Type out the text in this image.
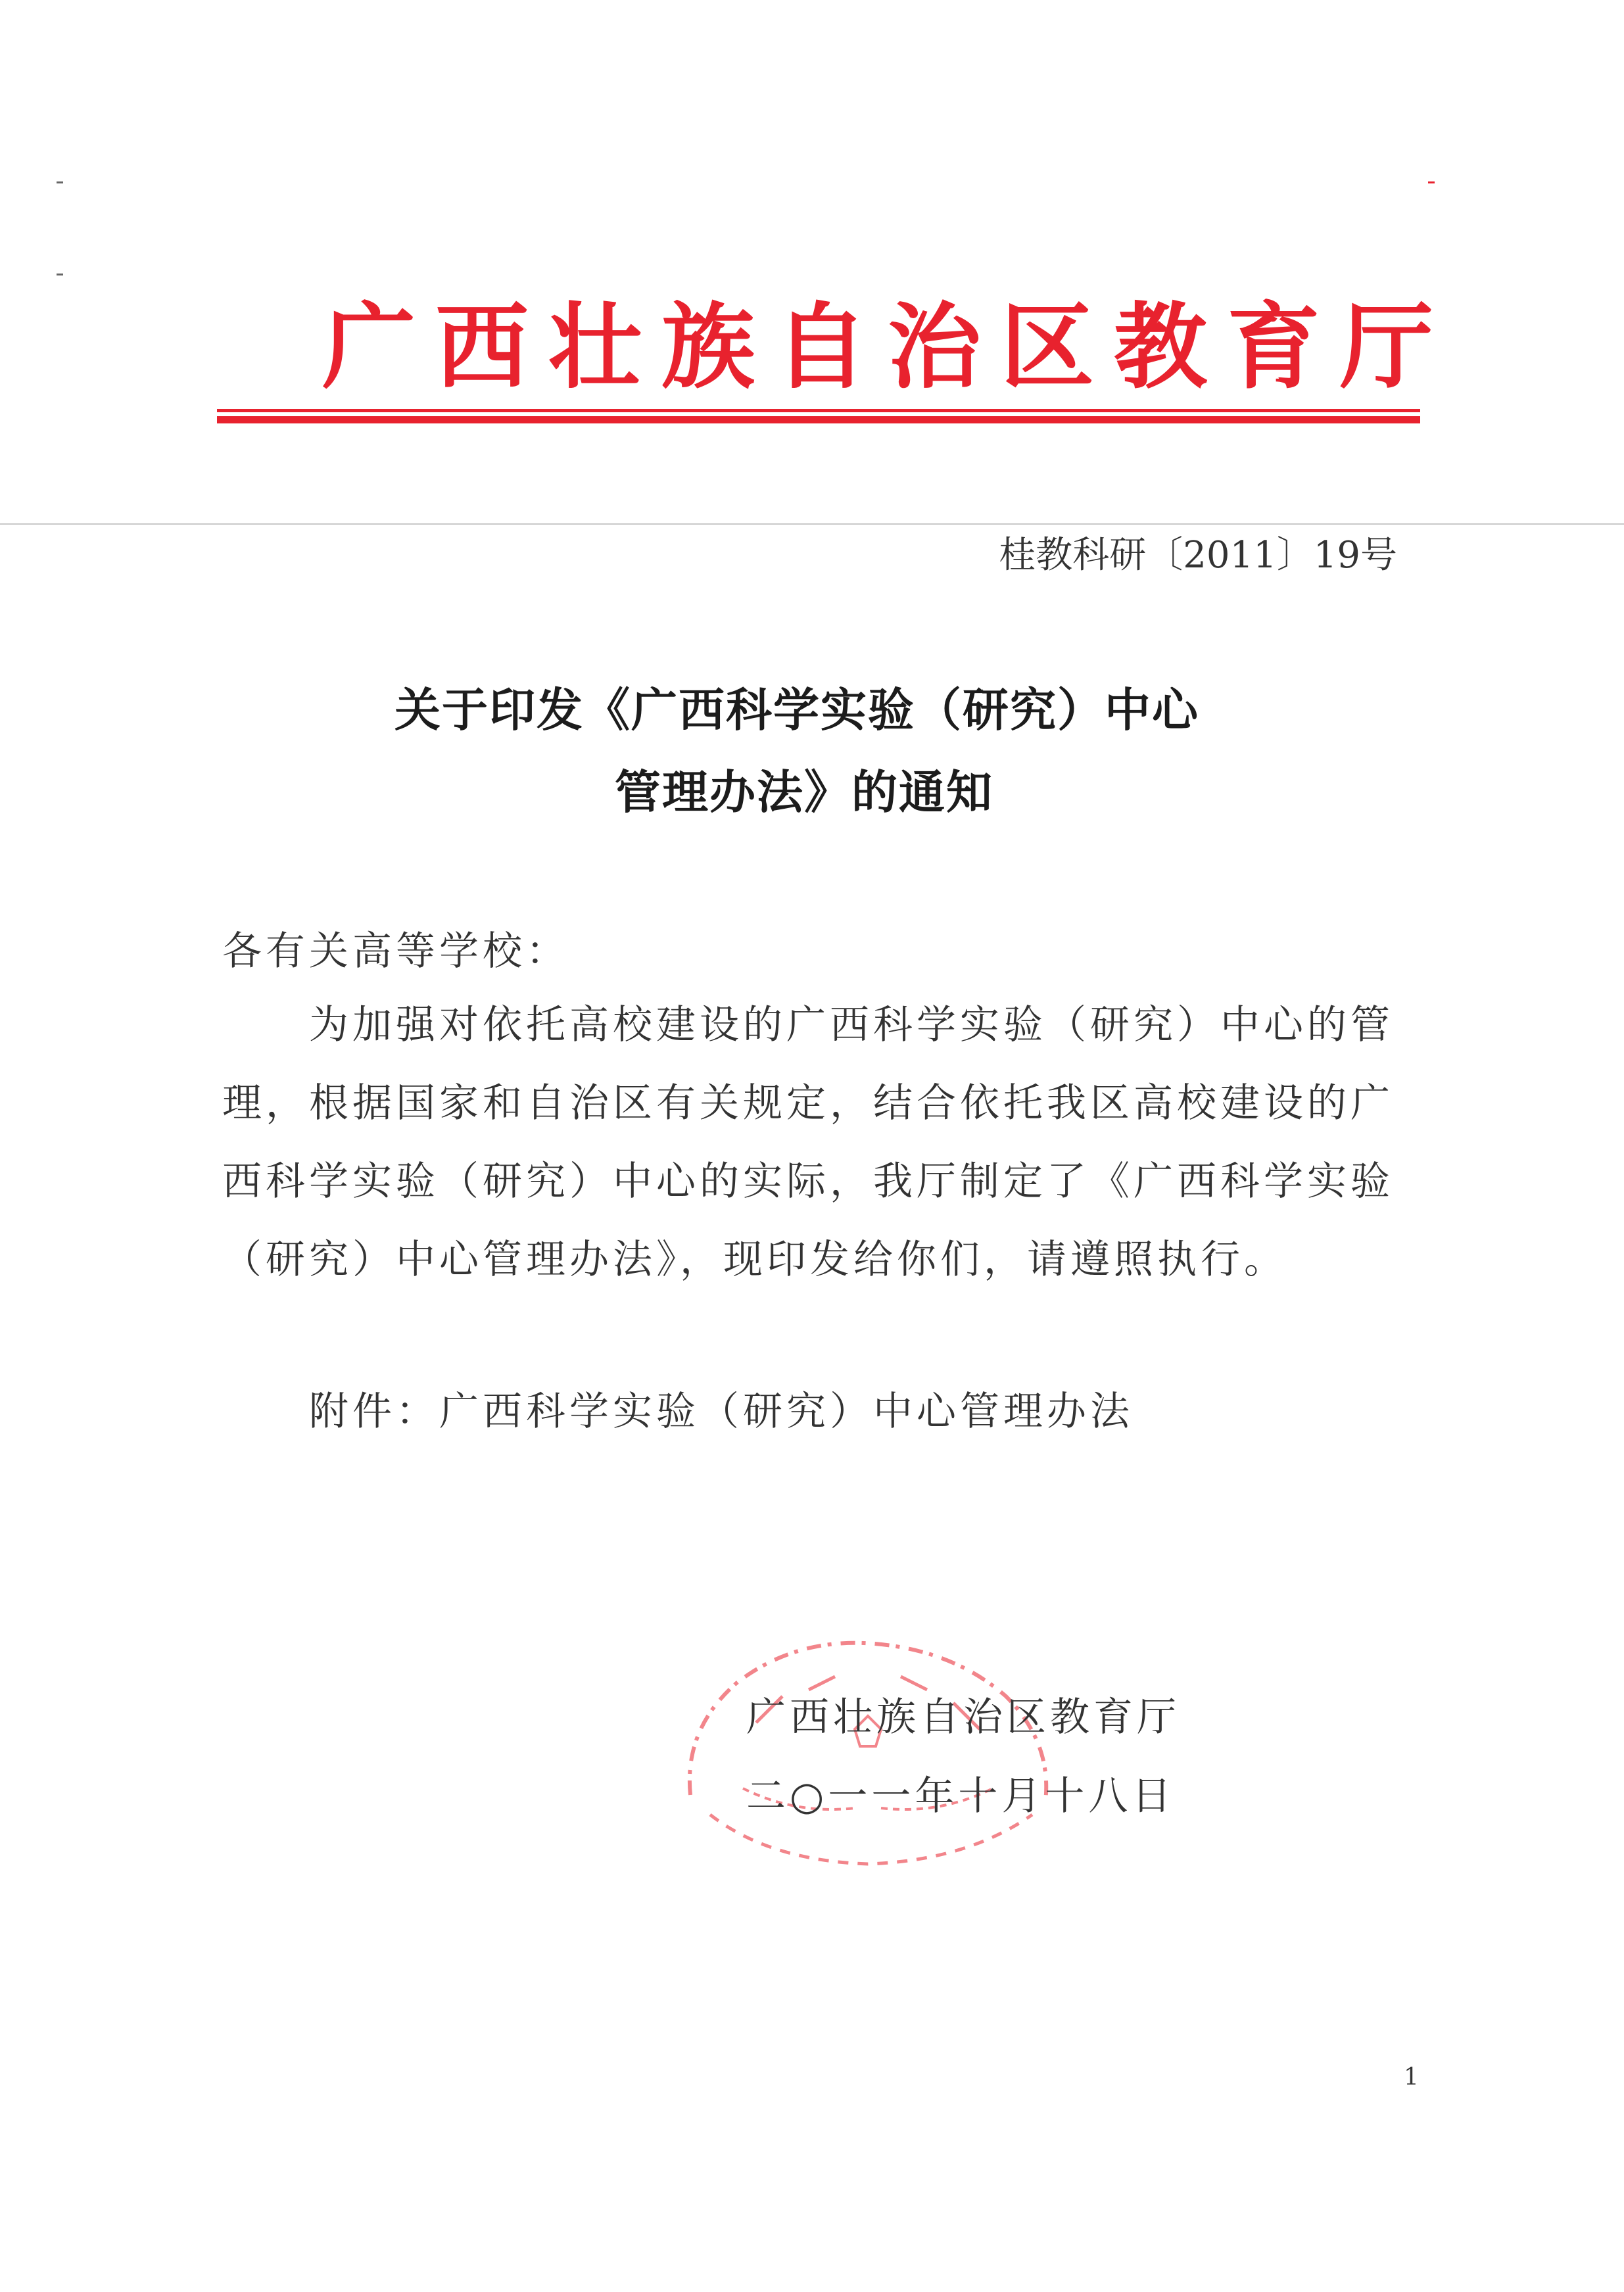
广西壮族自治区教育厅
桂教科研〔2011〕19号
关于印发《广西科学实验（研究）中心
管理办法》的通知
各有关高等学校：
为加强对依托高校建设的广西科学实验（研究）中心的管
理，根据国家和自治区有关规定，结合依托我区高校建设的广
西科学实验（研究）中心的实际，我厅制定了《广西科学实验
（研究）中心管理办法》，现印发给你们，请遵照执行。
附件：广西科学实验（研究）中心管理办法
广西壮族自治区教育厅
二○一一年十月十八日
1
